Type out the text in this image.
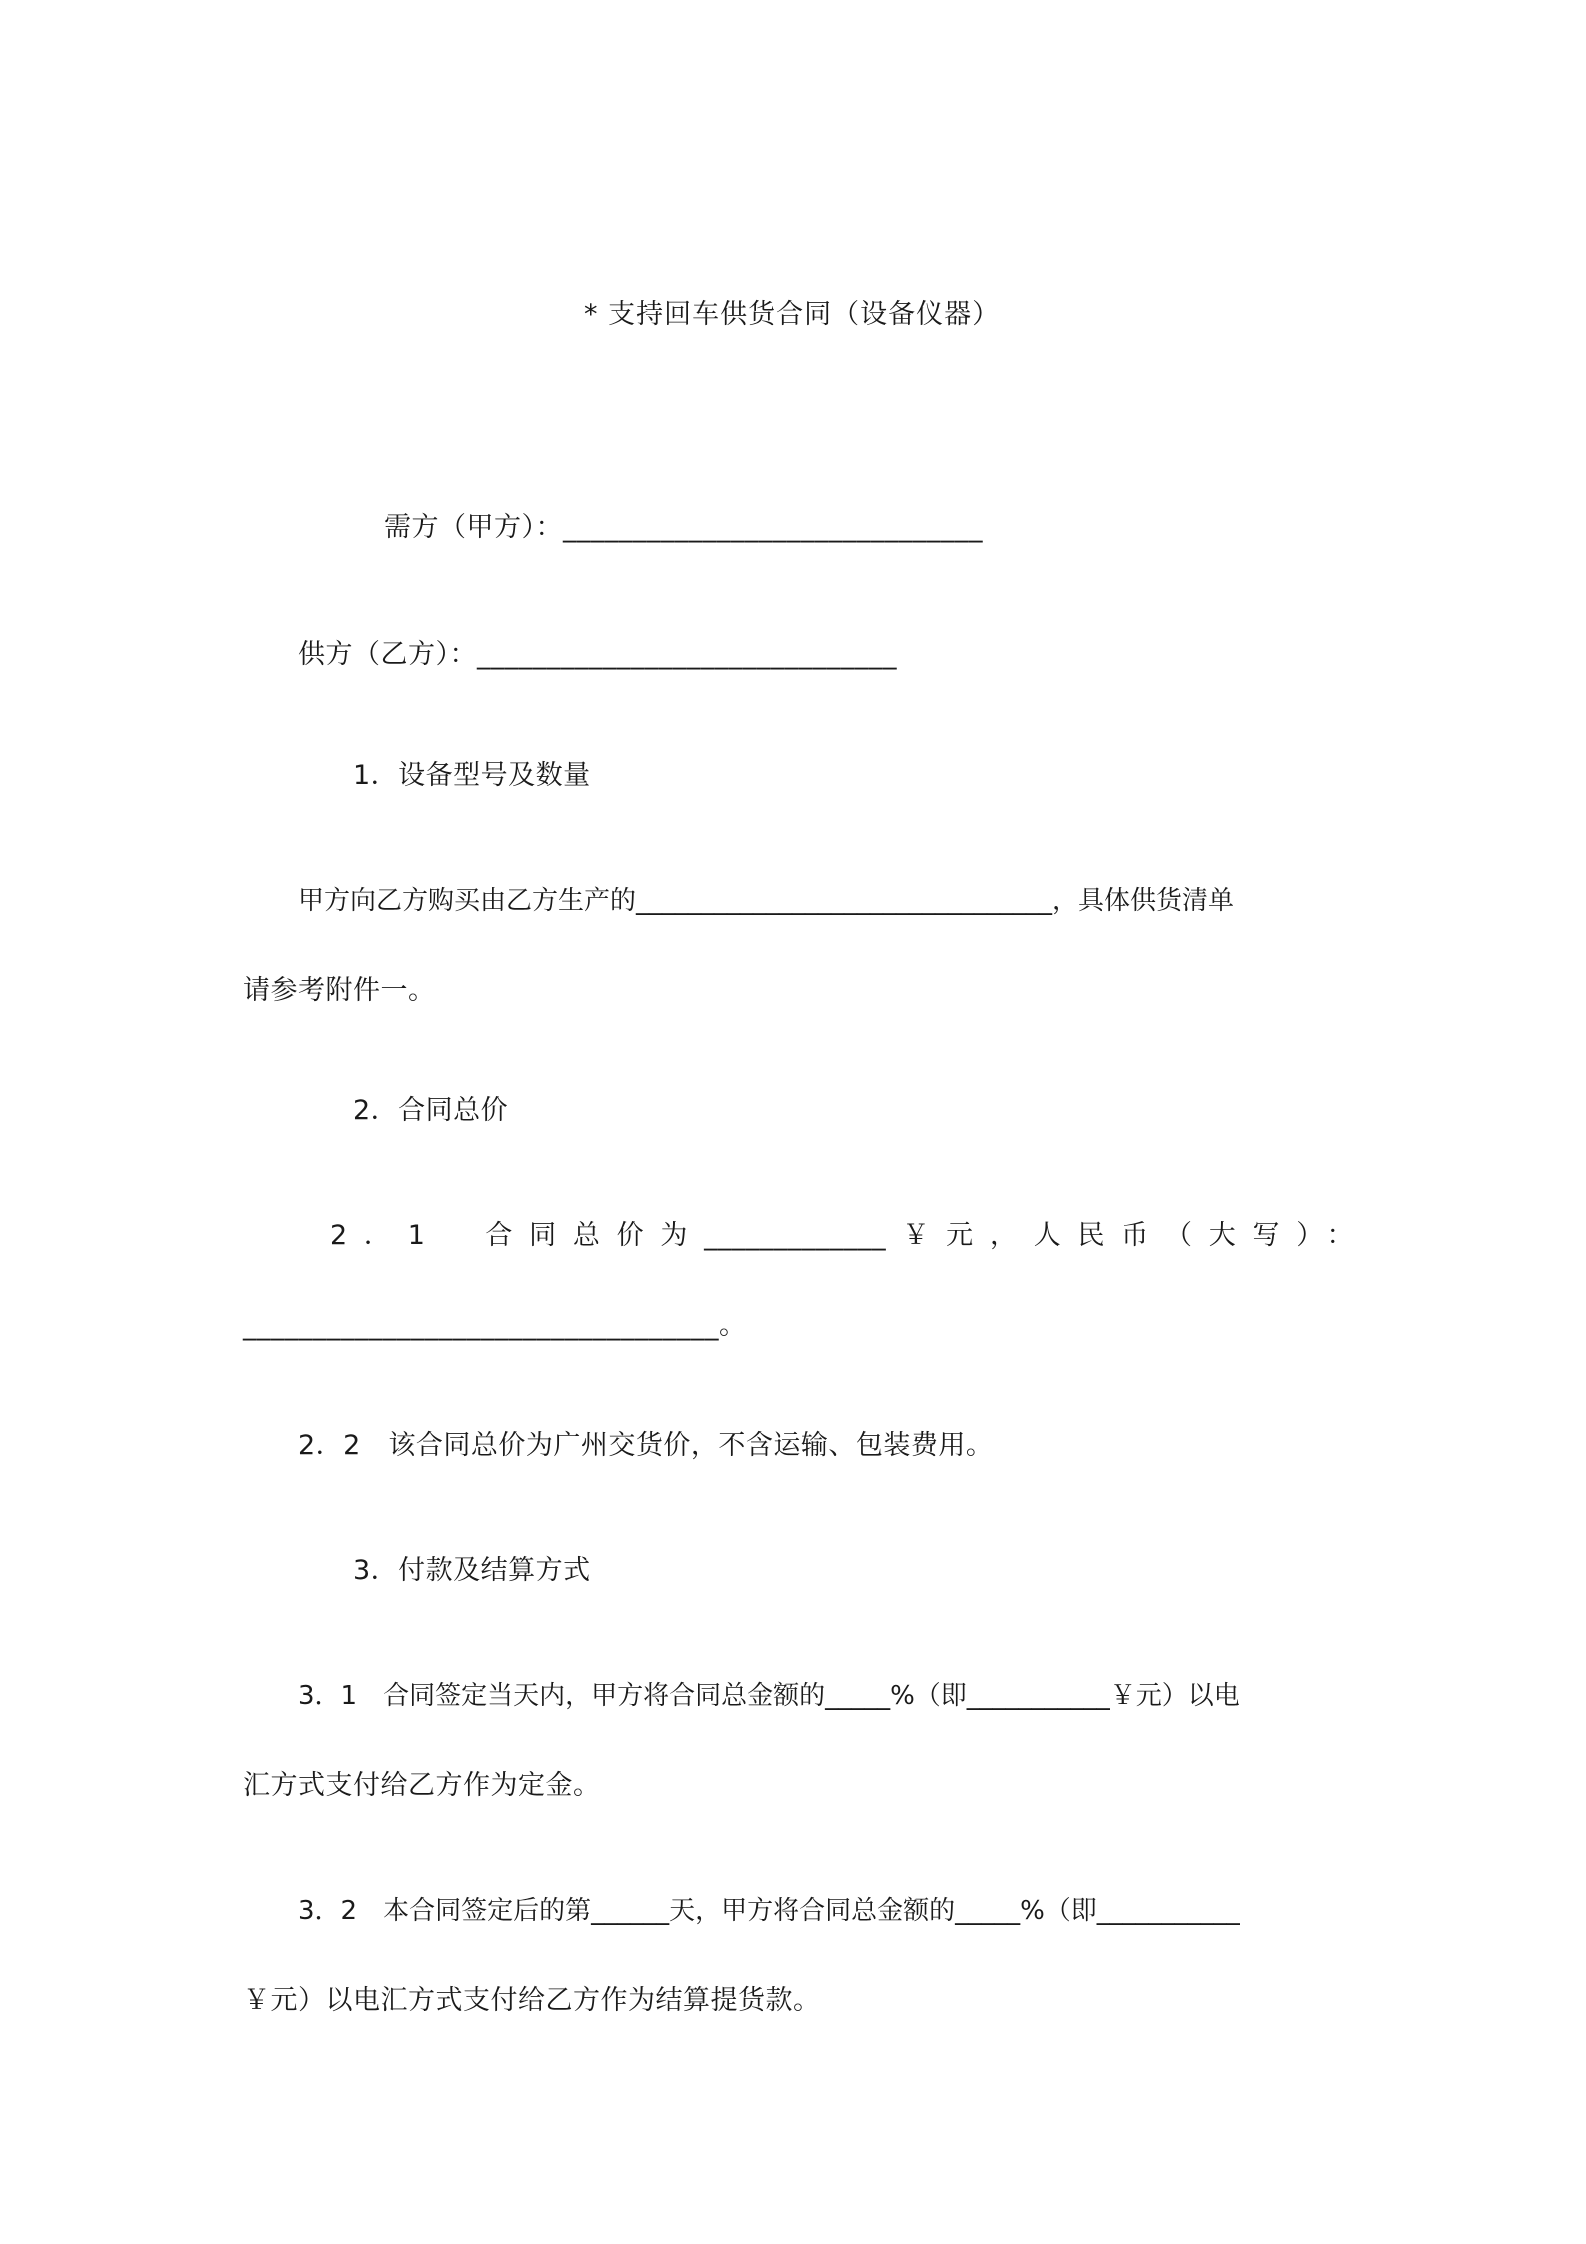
* 支持回车供货合同（设备仪器）
需方（甲方）：______________________________
供方（乙方）：______________________________
1．设备型号及数量
甲方向乙方购买由乙方生产的________________________________，具体供货清单
请参考附件一。
2．合同总价
2．1　合同总价为_____________￥元，人民币（大写）：
__________________________________。
2．2　该合同总价为广州交货价，不含运输、包装费用。
3．付款及结算方式
3．1　合同签定当天内，甲方将合同总金额的_____%（即___________￥元）以电
汇方式支付给乙方作为定金。
3．2　本合同签定后的第______天，甲方将合同总金额的_____%（即___________
￥元）以电汇方式支付给乙方作为结算提货款。
